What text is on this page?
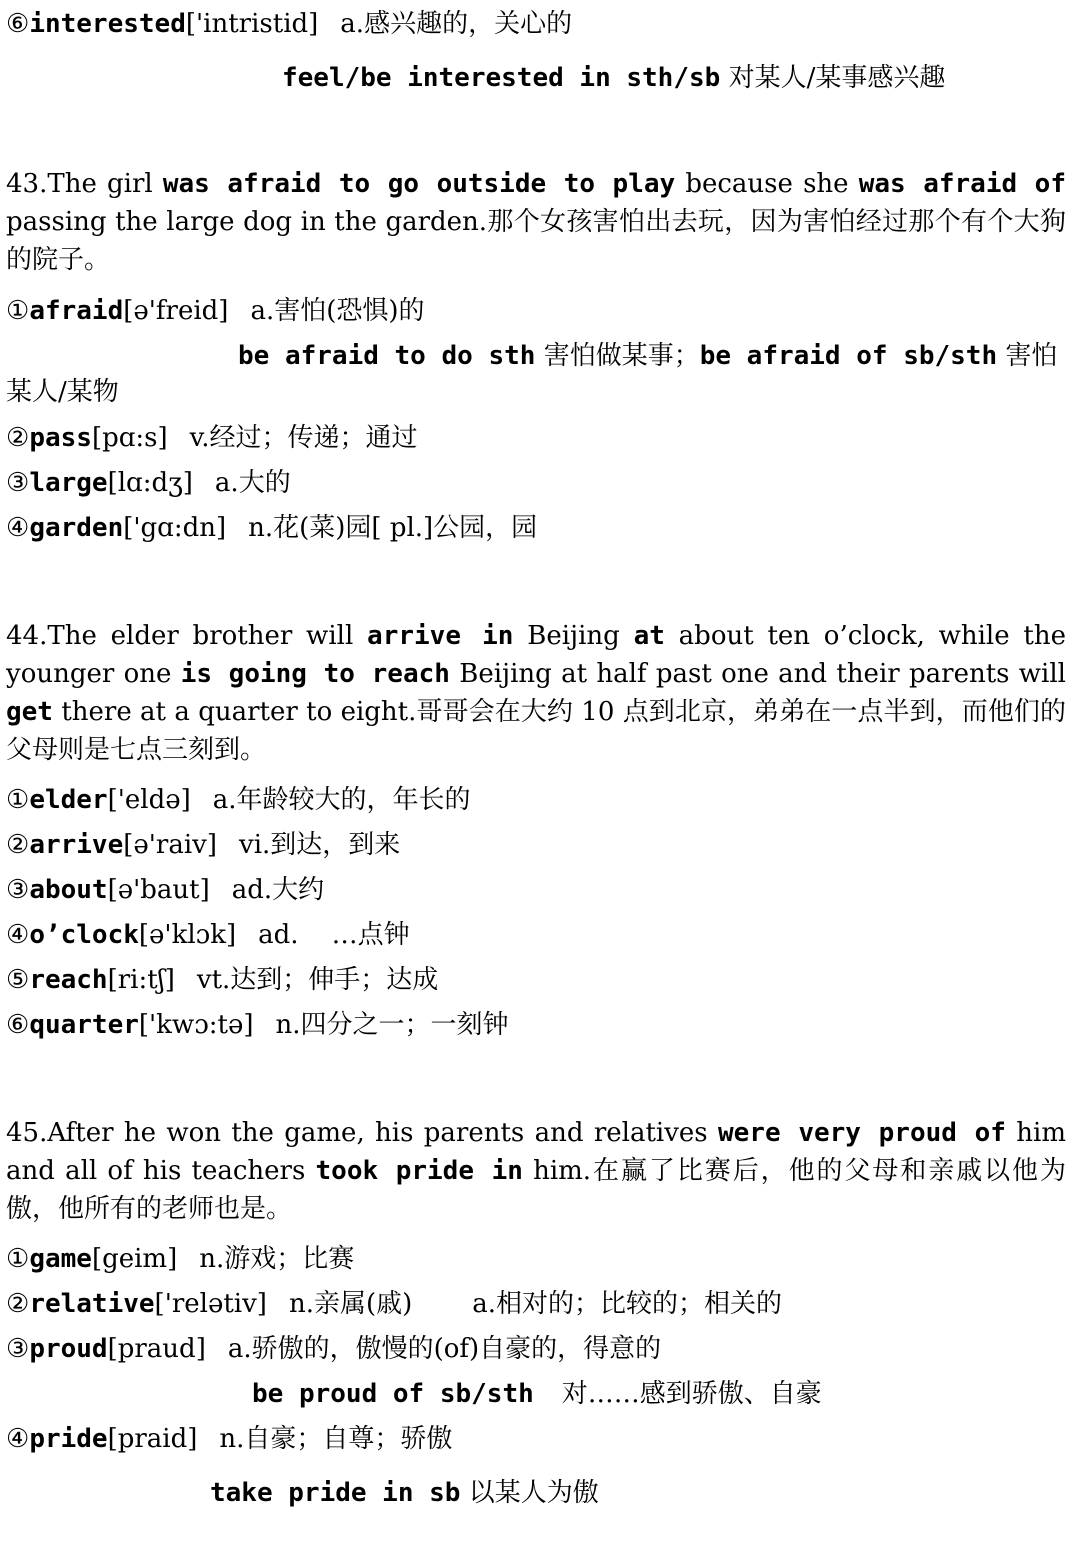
⑥interested['intristid] a.感兴趣的，关心的
feel/be interested in sth/sb 对某人/某事感兴趣
43.The girl was afraid to go outside to play because she was afraid of passing the large dog in the garden.那个女孩害怕出去玩，因为害怕经过那个有个大狗的院子。
①afraid[ə'freid] a.害怕(恐惧)的
be afraid to do sth 害怕做某事；be afraid of sb/sth 害怕
某人/某物
②pass[pɑ:s] v.经过；传递；通过
③large[lɑ:dʒ] a.大的
④garden['gɑ:dn] n.花(菜)园[ pl.]公园，园
44.The elder brother will arrive in Beijing at about ten o’clock, while the younger one is going to reach Beijing at half past one and their parents will get there at a quarter to eight.哥哥会在大约 10 点到北京，弟弟在一点半到，而他们的父母则是七点三刻到。
①elder['eldə] a.年龄较大的，年长的
②arrive[ə'raiv] vi.到达，到来
③about[ə'baut] ad.大约
④o’clock[ə'klɔk] ad.    …点钟
⑤reach[ri:tʃ] vt.达到；伸手；达成
⑥quarter['kwɔ:tə] n.四分之一；一刻钟
45.After he won the game, his parents and relatives were very proud of him and all of his teachers took pride in him.在赢了比赛后，他的父母和亲戚以他为傲，他所有的老师也是。
①game[geim] n.游戏；比赛
②relative['relətiv] n.亲属(戚) a.相对的；比较的；相关的
③proud[praud] a.骄傲的，傲慢的(of)自豪的，得意的
be proud of sb/sth 对……感到骄傲、自豪
④pride[praid] n.自豪；自尊；骄傲
take pride in sb 以某人为傲
